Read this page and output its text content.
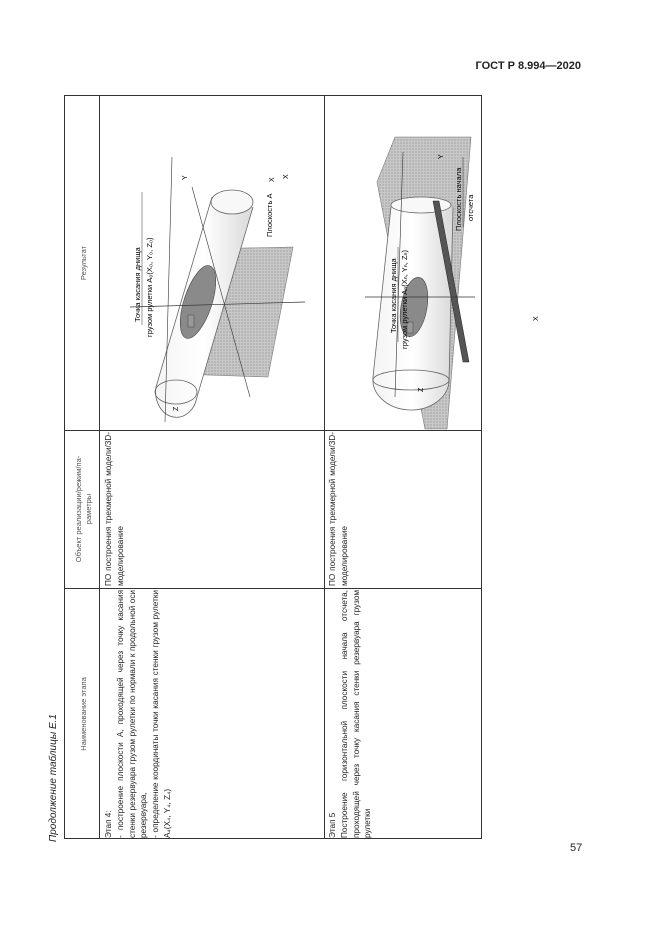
ГОСТ Р 8.994—2020
Продолжение таблицы Е.1
57
Результат
Объект реализации/режим/па-
раметры
Наименование этапа
Этап 4:
- построение плоскости А, проходящей через точку касания стенки резервуара грузом рулетки по нормали к продольной оси резервуара,
- определение координаты точки касания стенки грузом рулетки A₄(X₄, Y₄, Z₄)
ПО построения трехмерной модели/3D-моделирование
Этап 5
Построение горизонтальной плоскости начала отсчета, проходящей через точку касания стенки резервуара грузом рулетки
ПО построения трехмерной модели/3D-моделирование
Z
Y	X
X
Точка касания днища грузом рулетки A₀(X₀, Y₀, Z₀)
Плоскость А
Z
Y
X
Точка касания днища грузом рулетки Aₙ(Xₙ, Yₙ, Zₙ)
Плоскость начала отсчета
